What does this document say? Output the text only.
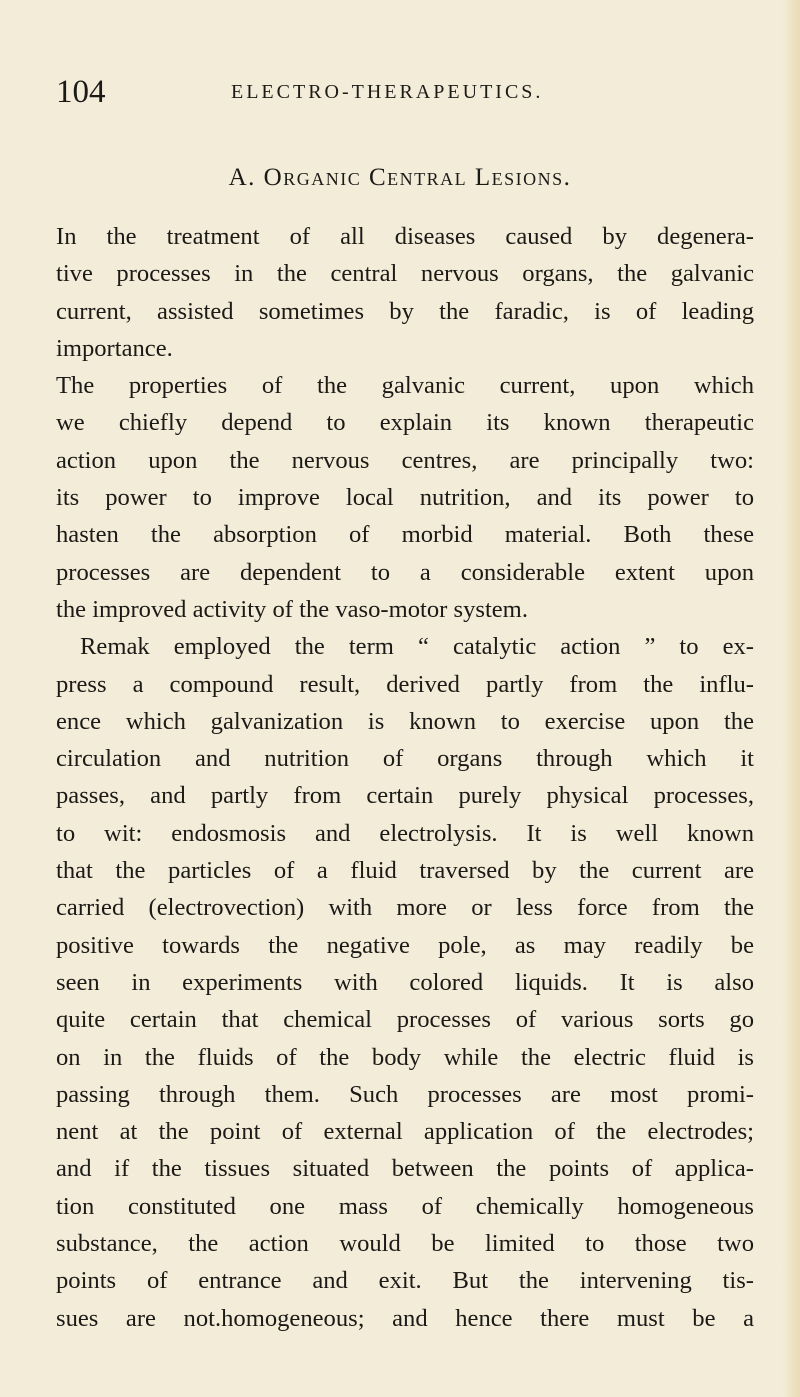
104	ELECTRO-THERAPEUTICS.
A. Organic Central Lesions.
In the treatment of all diseases caused by degenera-
tive processes in the central nervous organs, the galvanic
current, assisted sometimes by the faradic, is of leading
importance.
The properties of the galvanic current, upon which
we chiefly depend to explain its known therapeutic
action upon the nervous centres, are principally two:
its power to improve local nutrition, and its power to
hasten the absorption of morbid material. Both these
processes are dependent to a considerable extent upon
the improved activity of the vaso-motor system.
Remak employed the term “ catalytic action ” to ex-
press a compound result, derived partly from the influ-
ence which galvanization is known to exercise upon the
circulation and nutrition of organs through which it
passes, and partly from certain purely physical processes,
to wit: endosmosis and electrolysis. It is well known
that the particles of a fluid traversed by the current are
carried (electrovection) with more or less force from the
positive towards the negative pole, as may readily be
seen in experiments with colored liquids. It is also
quite certain that chemical processes of various sorts go
on in the fluids of the body while the electric fluid is
passing through them. Such processes are most promi-
nent at the point of external application of the electrodes;
and if the tissues situated between the points of applica-
tion constituted one mass of chemically homogeneous
substance, the action would be limited to those two
points of entrance and exit. But the intervening tis-
sues are not.homogeneous; and hence there must be a
